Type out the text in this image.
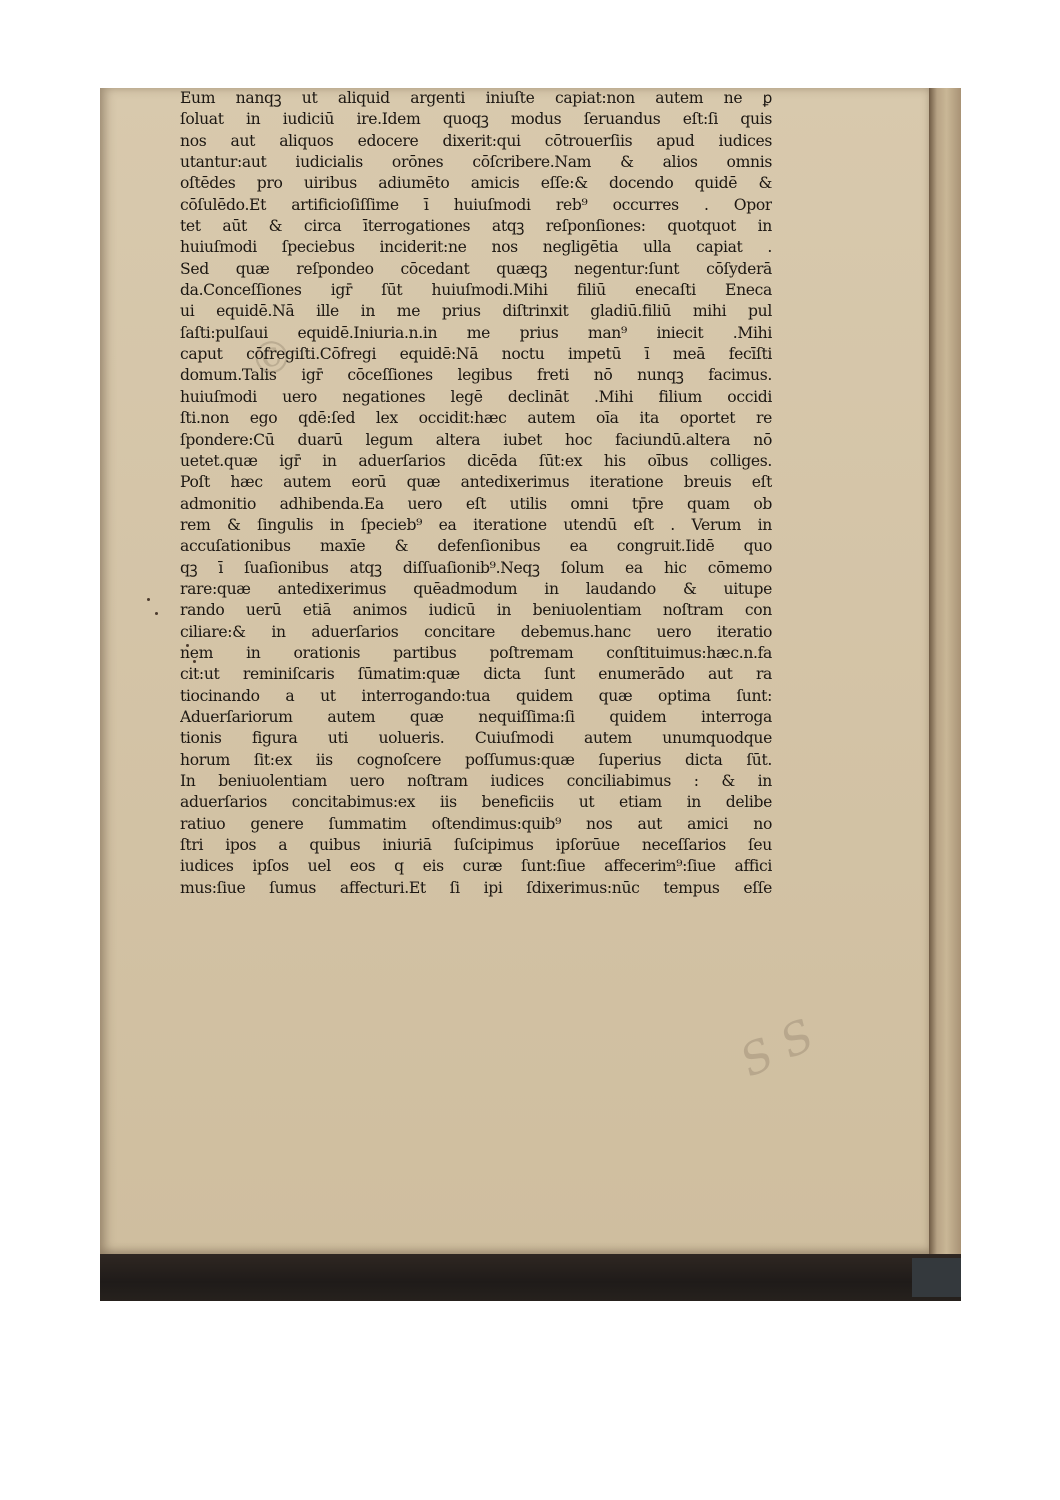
©
S S
Eum nanqꝫ ut aliquid argenti iniuſte capiat:non autem ne ꝑ
ſoluat in iudiciū ire.Idem quoqꝫ modus ſeruandus eſt:ſi quis
nos aut aliquos edocere dixerit:qui cōtrouerſiis apud iudices
utantur:aut iudicialis orōnes cōſcribere.Nam & alios omnis
oſtēdes pro uiribus adiumēto amicis eſſe:& docendo quidē &
cōſulēdo.Et artificioſiſſime ī huiuſmodi reb⁹ occurres . Opor
tet aūt & circa īterrogationes atqꝫ reſponſiones: quotquot in
huiuſmodi ſpeciebus inciderit:ne nos negligētia ulla capiat .
Sed quæ reſpondeo cōcedant quæqꝫ negentur:ſunt cōſyderā
da.Conceſſiones igr̄ ſūt huiuſmodi.Mihi filiū enecaſti Eneca
ui equidē.Nā ille in me prius diſtrinxit gladiū.filiū mihi pul
ſaſti:pulſaui equidē.Iniuria.n.in me prius man⁹ iniecit .Mihi
caput cōfregiſti.Cōfregi equidē:Nā noctu impetū ī meā fecīſti
domum.Talis igr̄ cōceſſiones legibus freti nō nunqꝫ facimus.
huiuſmodi uero negationes legē declināt .Mihi filium occidi
ſti.non ego qdē:ſed lex occidit:hæc autem oīa ita oportet re
ſpondere:Cū duarū legum altera iubet hoc faciundū.altera nō
uetet.quæ igr̄ in aduerſarios dicēda ſūt:ex his oībus colliges.
Poſt hæc autem eorū quæ antedixerimus iteratione breuis eſt
admonitio adhibenda.Ea uero eſt utilis omni tp̄re quam ob
rem & ſingulis in ſpecieb⁹ ea iteratione utendū eſt . Verum in
accuſationibus maxīe & defenſionibus ea congruit.Iidē quo
qꝫ ī ſuaſionibus atqꝫ diſſuaſionib⁹.Neqꝫ ſolum ea hic cōmemo
rare:quæ antedixerimus quēadmodum in laudando & uitupe
rando uerū etiā animos iudicū in beniuolentiam noſtram con
ciliare:& in aduerſarios concitare debemus.hanc uero iteratio
nem in orationis partibus poſtremam conſtituimus:hæc.n.fa
cit:ut reminiſcaris ſūmatim:quæ dicta ſunt enumerādo aut ra
tiocinando a ut interrogando:tua quidem quæ optima ſunt:
Aduerſariorum autem quæ nequiſſima:ſi quidem interroga
tionis figura uti uolueris. Cuiuſmodi autem unumquodque
horum ſit:ex iis cognoſcere poſſumus:quæ ſuperius dicta ſūt.
In beniuolentiam uero noſtram iudices conciliabimus : & in
aduerſarios concitabimus:ex iis beneficiis ut etiam in delibe
ratiuo genere ſummatim oſtendimus:quib⁹ nos aut amici no
ſtri ipos a quibus iniuriā ſuſcipimus ipſorūue neceſſarios ſeu
iudices ipſos uel eos q eis curæ ſunt:ſiue affecerim⁹:ſiue affici
mus:ſiue ſumus affecturi.Et ſi ipi ſdixerimus:nūc tempus eſſe
